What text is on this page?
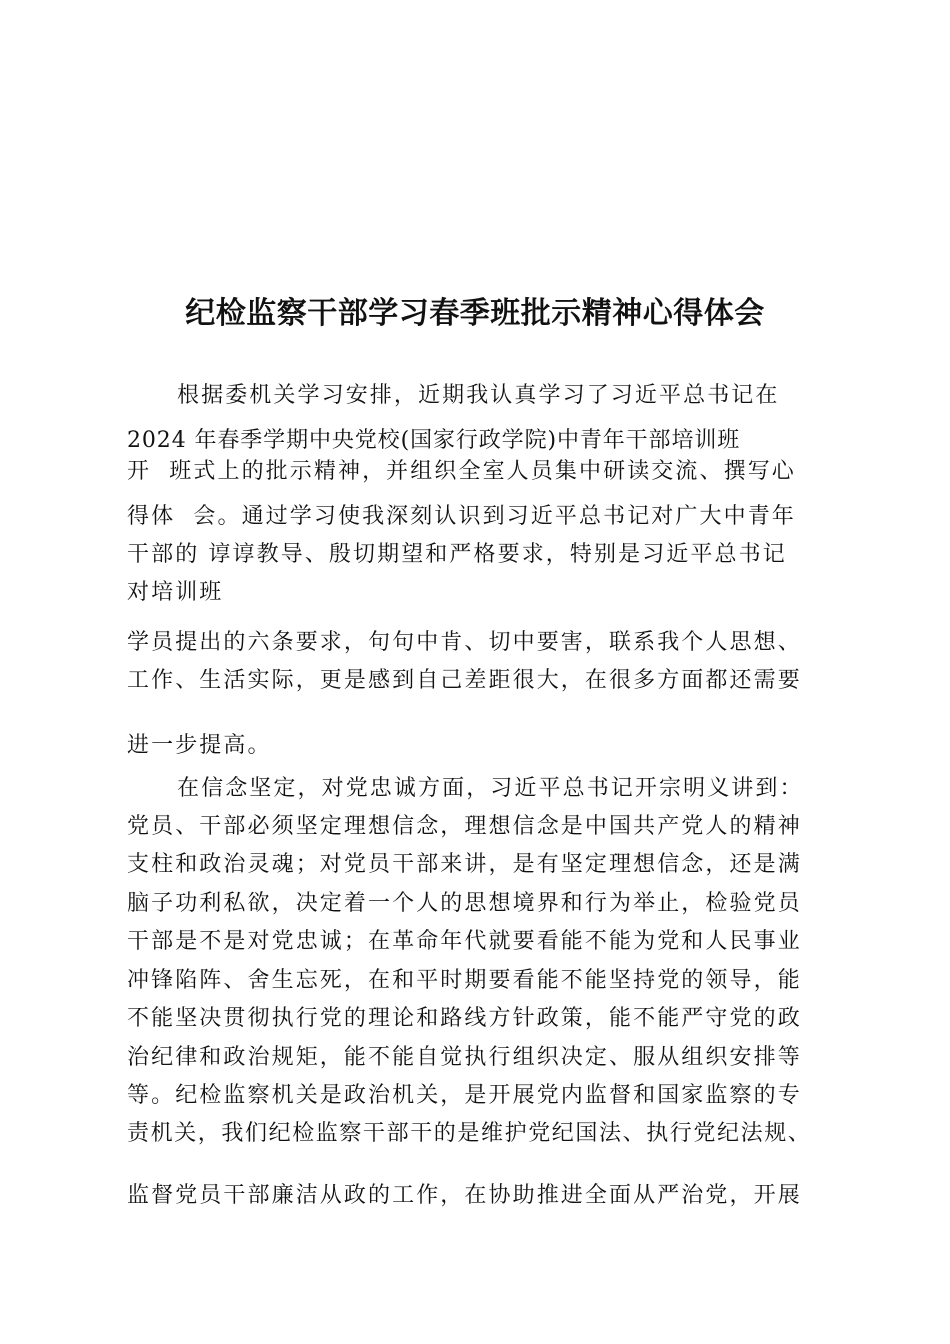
纪检监察干部学习春季班批示精神心得体会
根据委机关学习安排，近期我认真学习了习近平总书记在
2024 年春季学期中央党校(国家行政学院)中青年干部培训班
开  班式上的批示精神，并组织全室人员集中研读交流、撰写心
得体  会。通过学习使我深刻认识到习近平总书记对广大中青年
干部的 谆谆教导、殷切期望和严格要求，特别是习近平总书记
对培训班
学员提出的六条要求，句句中肯、切中要害，联系我个人思想、
工作、生活实际，更是感到自己差距很大，在很多方面都还需要
进一步提高。
在信念坚定，对党忠诚方面，习近平总书记开宗明义讲到：
党员、干部必须坚定理想信念，理想信念是中国共产党人的精神
支柱和政治灵魂；对党员干部来讲，是有坚定理想信念，还是满
脑子功利私欲，决定着一个人的思想境界和行为举止，检验党员
干部是不是对党忠诚；在革命年代就要看能不能为党和人民事业
冲锋陷阵、舍生忘死，在和平时期要看能不能坚持党的领导，能
不能坚决贯彻执行党的理论和路线方针政策，能不能严守党的政
治纪律和政治规矩，能不能自觉执行组织决定、服从组织安排等
等。纪检监察机关是政治机关，是开展党内监督和国家监察的专
责机关，我们纪检监察干部干的是维护党纪国法、执行党纪法规、
监督党员干部廉洁从政的工作，在协助推进全面从严治党，开展
